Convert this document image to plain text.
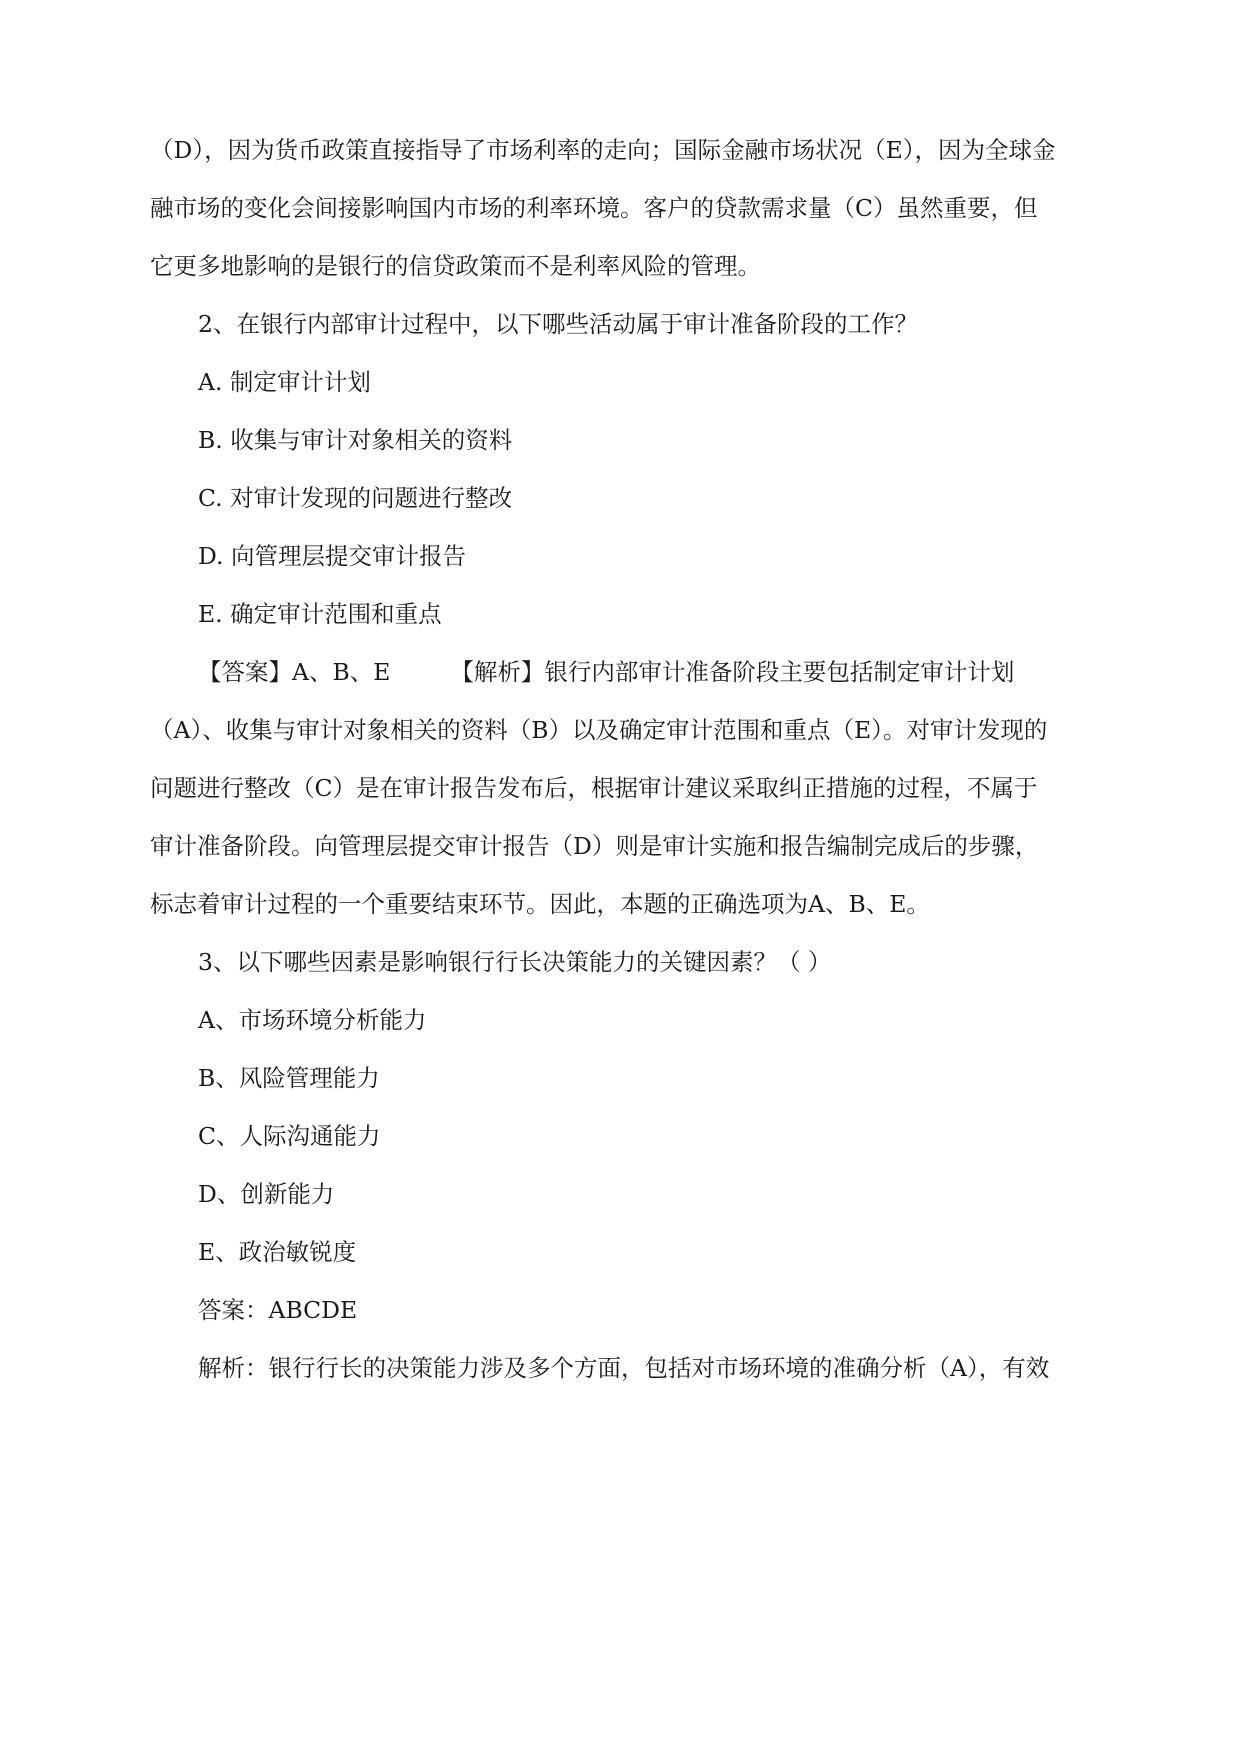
（D），因为货币政策直接指导了市场利率的走向；国际金融市场状况（E），因为全球金
融市场的变化会间接影响国内市场的利率环境。客户的贷款需求量（C）虽然重要，但
它更多地影响的是银行的信贷政策而不是利率风险的管理。
2、在银行内部审计过程中，以下哪些活动属于审计准备阶段的工作？
A. 制定审计计划
B. 收集与审计对象相关的资料
C. 对审计发现的问题进行整改
D. 向管理层提交审计报告
E. 确定审计范围和重点
【答案】A、B、E	【解析】银行内部审计准备阶段主要包括制定审计计划
（A）、收集与审计对象相关的资料（B）以及确定审计范围和重点（E）。对审计发现的
问题进行整改（C）是在审计报告发布后，根据审计建议采取纠正措施的过程，不属于
审计准备阶段。向管理层提交审计报告（D）则是审计实施和报告编制完成后的步骤，
标志着审计过程的一个重要结束环节。因此，本题的正确选项为A、B、E。
3、以下哪些因素是影响银行行长决策能力的关键因素？（ ）
A、市场环境分析能力
B、风险管理能力
C、人际沟通能力
D、创新能力
E、政治敏锐度
答案：ABCDE
解析：银行行长的决策能力涉及多个方面，包括对市场环境的准确分析（A），有效
